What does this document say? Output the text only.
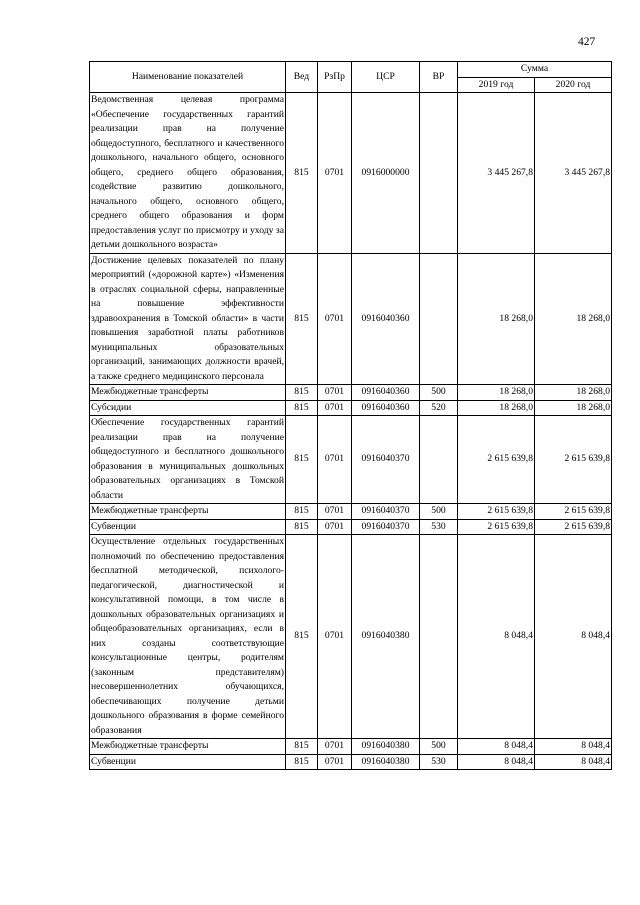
427
Наименование показателей	Вед	РзПр	ЦСР	ВР	Сумма	
					2019 год	2020 год
Ведомственная целевая программа «Обеспечение государственных гарантий реализации прав на получение общедоступного, бесплатного и качественного дошкольного, начального общего, основного общего, среднего общего образования, содействие развитию дошкольного, начального общего, основного общего, среднего общего образования и форм предоставления услуг по присмотру и уходу за детьми дошкольного возраста»	815	0701	0916000000		3 445 267,8	3 445 267,8
Достижение целевых показателей по плану мероприятий («дорожной карте») «Изменения в отраслях социальной сферы, направленные на повышение эффективности здравоохранения в Томской области» в части повышения заработной платы работников муниципальных образовательных организаций, занимающих должности врачей, а также среднего медицинского персонала	815	0701	0916040360		18 268,0	18 268,0
Межбюджетные трансферты	815	0701	0916040360	500	18 268,0	18 268,0
Субсидии	815	0701	0916040360	520	18 268,0	18 268,0
Обеспечение государственных гарантий реализации прав на получение общедоступного и бесплатного дошкольного образования в муниципальных дошкольных образовательных организациях в Томской области	815	0701	0916040370		2 615 639,8	2 615 639,8
Межбюджетные трансферты	815	0701	0916040370	500	2 615 639,8	2 615 639,8
Субвенции	815	0701	0916040370	530	2 615 639,8	2 615 639,8
Осуществление отдельных государственных полномочий по обеспечению предоставления бесплатной методической, психолого-педагогической, диагностической и консультативной помощи, в том числе в дошкольных образовательных организациях и общеобразовательных организациях, если в них созданы соответствующие консультационные центры, родителям (законным представителям) несовершеннолетних обучающихся, обеспечивающих получение детьми дошкольного образования в форме семейного образования	815	0701	0916040380		8 048,4	8 048,4
Межбюджетные трансферты	815	0701	0916040380	500	8 048,4	8 048,4
Субвенции	815	0701	0916040380	530	8 048,4	8 048,4
